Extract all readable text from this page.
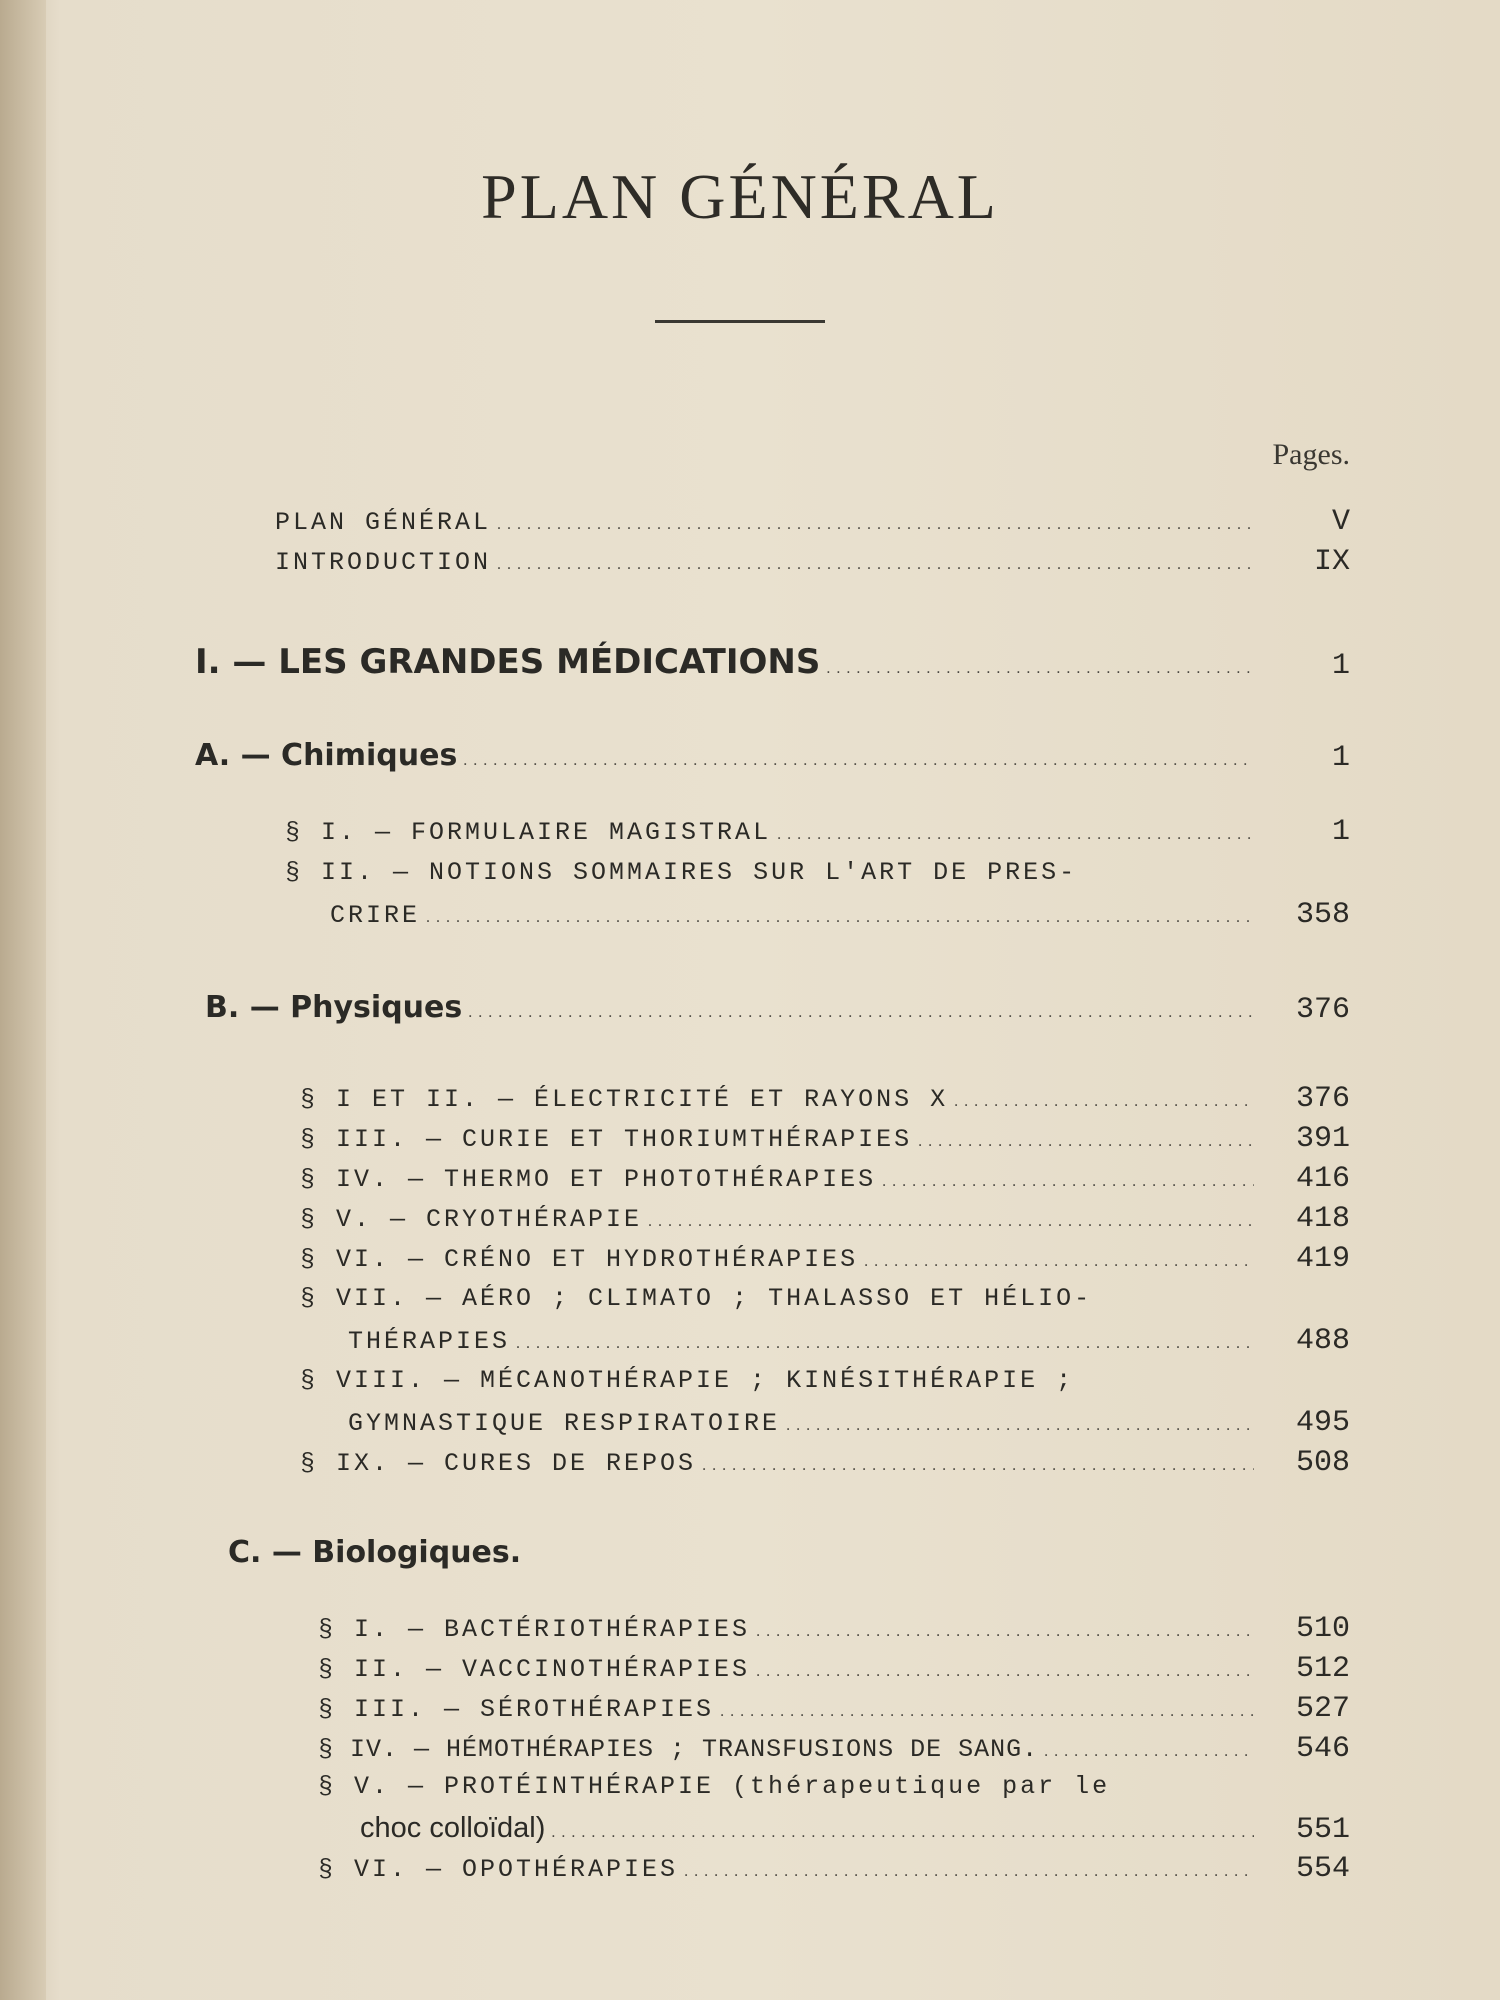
PLAN GÉNÉRAL
Pages.
PLAN GÉNÉRAL .....	V
INTRODUCTION .....	IX
I. — LES GRANDES MÉDICATIONS .....	1
A. — Chimiques .....	1
§ I. — FORMULAIRE MAGISTRAL .....	1
§ II. — NOTIONS SOMMAIRES SUR L'ART DE PRES-
CRIRE .....	358
B. — Physiques .....	376
§ I ET II. — ÉLECTRICITÉ ET RAYONS X .....	376
§ III. — CURIE ET THORIUMTHÉRAPIES .....	391
§ IV. — THERMO ET PHOTOTHÉRAPIES .....	416
§ V. — CRYOTHÉRAPIE .....	418
§ VI. — CRÉNO ET HYDROTHÉRAPIES .....	419
§ VII. — AÉRO ; CLIMATO ; THALASSO ET HÉLIO-
THÉRAPIES .....	488
§ VIII. — MÉCANOTHÉRAPIE ; KINÉSITHÉRAPIE ;
GYMNASTIQUE RESPIRATOIRE .....	495
§ IX. — CURES DE REPOS .....	508
C. — Biologiques.
§ I. — BACTÉRIOTHÉRAPIES .....	510
§ II. — VACCINOTHÉRAPIES .....	512
§ III. — SÉROTHÉRAPIES .....	527
§ IV. — HÉMOTHÉRAPIES ; TRANSFUSIONS DE SANG. .....	546
§ V. — PROTÉINTHÉRAPIE (thérapeutique par le
choc colloïdal) .....	551
§ VI. — OPOTHÉRAPIES .....	554
